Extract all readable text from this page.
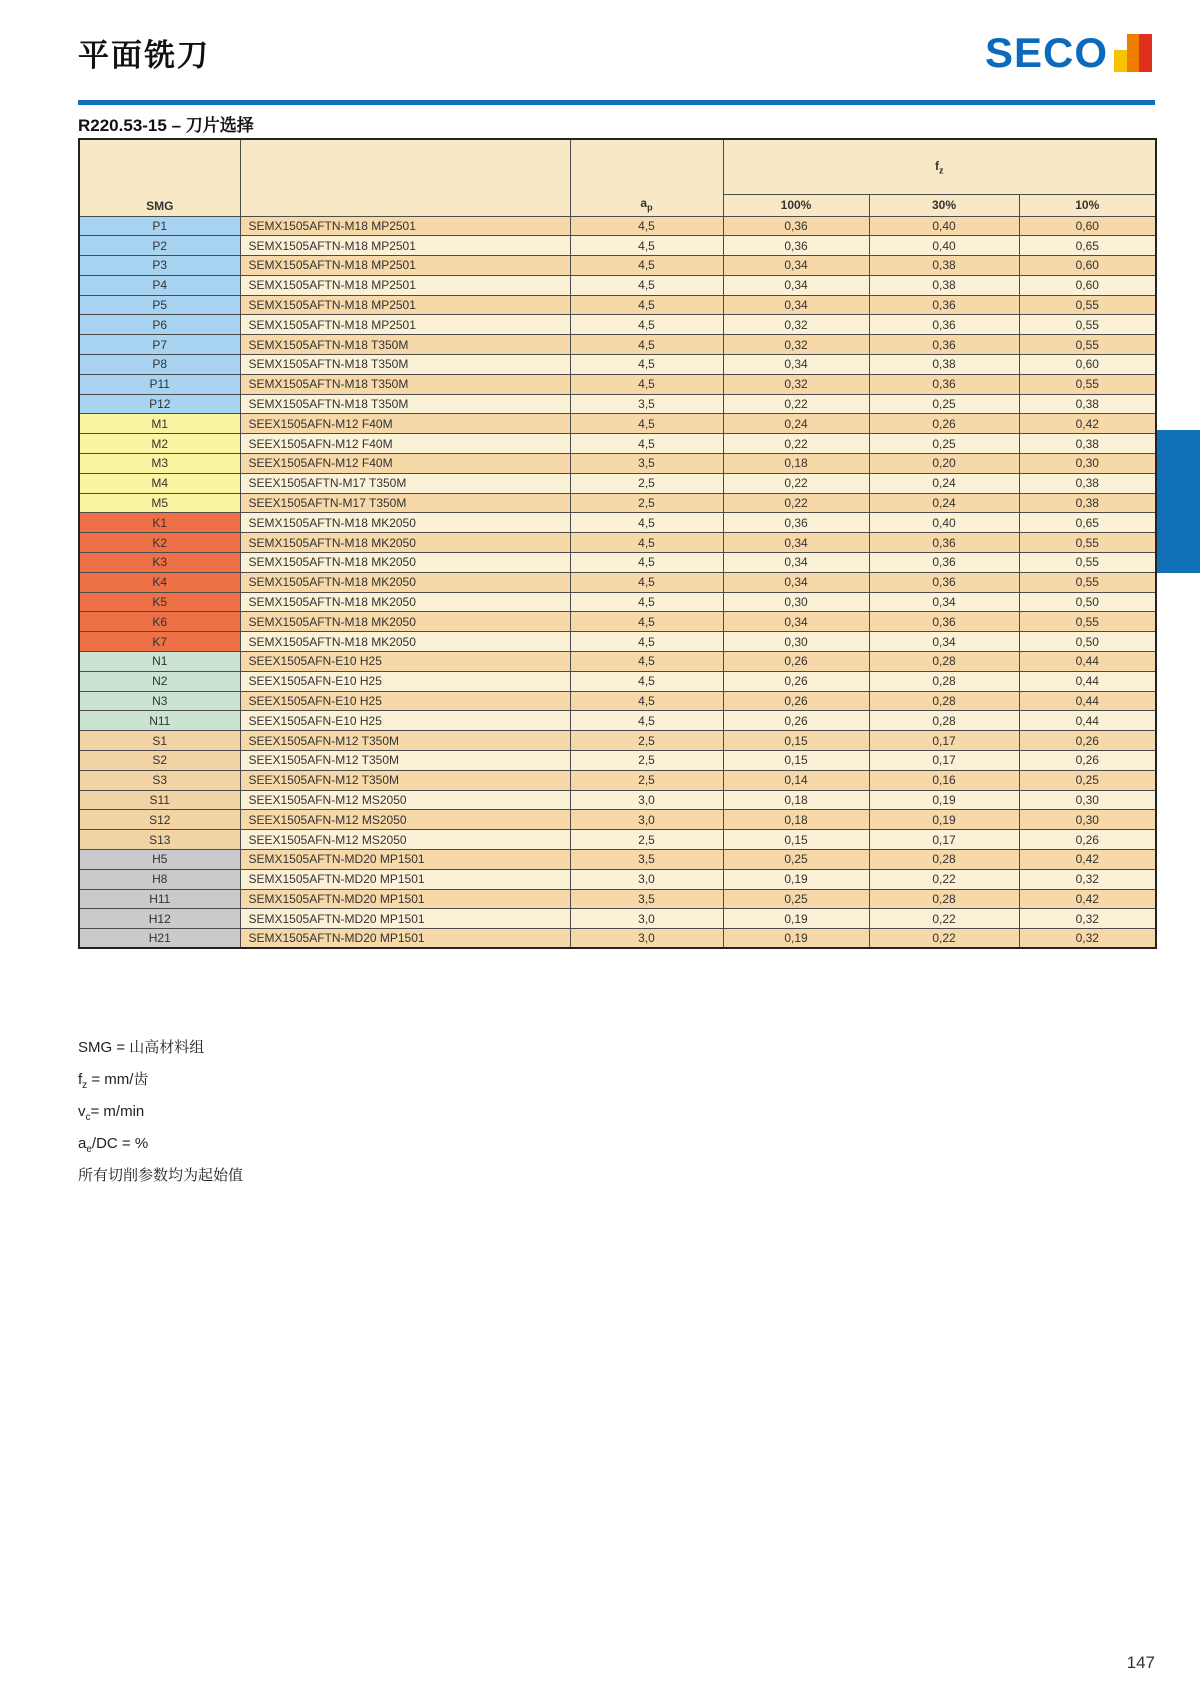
平面铣刀	SECO
R220.53-15 – 刀片选择
SMG		$a_p$	$f_z$
			100%	30%	10%
P1	SEMX1505AFTN-M18 MP2501	4,5	0,36	0,40	0,60
P2	SEMX1505AFTN-M18 MP2501	4,5	0,36	0,40	0,65
P3	SEMX1505AFTN-M18 MP2501	4,5	0,34	0,38	0,60
P4	SEMX1505AFTN-M18 MP2501	4,5	0,34	0,38	0,60
P5	SEMX1505AFTN-M18 MP2501	4,5	0,34	0,36	0,55
P6	SEMX1505AFTN-M18 MP2501	4,5	0,32	0,36	0,55
P7	SEMX1505AFTN-M18 T350M	4,5	0,32	0,36	0,55
P8	SEMX1505AFTN-M18 T350M	4,5	0,34	0,38	0,60
P11	SEMX1505AFTN-M18 T350M	4,5	0,32	0,36	0,55
P12	SEMX1505AFTN-M18 T350M	3,5	0,22	0,25	0,38
M1	SEEX1505AFN-M12 F40M	4,5	0,24	0,26	0,42
M2	SEEX1505AFN-M12 F40M	4,5	0,22	0,25	0,38
M3	SEEX1505AFN-M12 F40M	3,5	0,18	0,20	0,30
M4	SEEX1505AFTN-M17 T350M	2,5	0,22	0,24	0,38
M5	SEEX1505AFTN-M17 T350M	2,5	0,22	0,24	0,38
K1	SEMX1505AFTN-M18 MK2050	4,5	0,36	0,40	0,65
K2	SEMX1505AFTN-M18 MK2050	4,5	0,34	0,36	0,55
K3	SEMX1505AFTN-M18 MK2050	4,5	0,34	0,36	0,55
K4	SEMX1505AFTN-M18 MK2050	4,5	0,34	0,36	0,55
K5	SEMX1505AFTN-M18 MK2050	4,5	0,30	0,34	0,50
K6	SEMX1505AFTN-M18 MK2050	4,5	0,34	0,36	0,55
K7	SEMX1505AFTN-M18 MK2050	4,5	0,30	0,34	0,50
N1	SEEX1505AFN-E10 H25	4,5	0,26	0,28	0,44
N2	SEEX1505AFN-E10 H25	4,5	0,26	0,28	0,44
N3	SEEX1505AFN-E10 H25	4,5	0,26	0,28	0,44
N11	SEEX1505AFN-E10 H25	4,5	0,26	0,28	0,44
S1	SEEX1505AFN-M12 T350M	2,5	0,15	0,17	0,26
S2	SEEX1505AFN-M12 T350M	2,5	0,15	0,17	0,26
S3	SEEX1505AFN-M12 T350M	2,5	0,14	0,16	0,25
S11	SEEX1505AFN-M12 MS2050	3,0	0,18	0,19	0,30
S12	SEEX1505AFN-M12 MS2050	3,0	0,18	0,19	0,30
S13	SEEX1505AFN-M12 MS2050	2,5	0,15	0,17	0,26
H5	SEMX1505AFTN-MD20 MP1501	3,5	0,25	0,28	0,42
H8	SEMX1505AFTN-MD20 MP1501	3,0	0,19	0,22	0,32
H11	SEMX1505AFTN-MD20 MP1501	3,5	0,25	0,28	0,42
H12	SEMX1505AFTN-MD20 MP1501	3,0	0,19	0,22	0,32
H21	SEMX1505AFTN-MD20 MP1501	3,0	0,19	0,22	0,32
SMG = 山高材料组
$f_z = mm/$齿
$v_c= m/\min$
$a_e/DC$ = %
所有切削参数均为起始值
147
